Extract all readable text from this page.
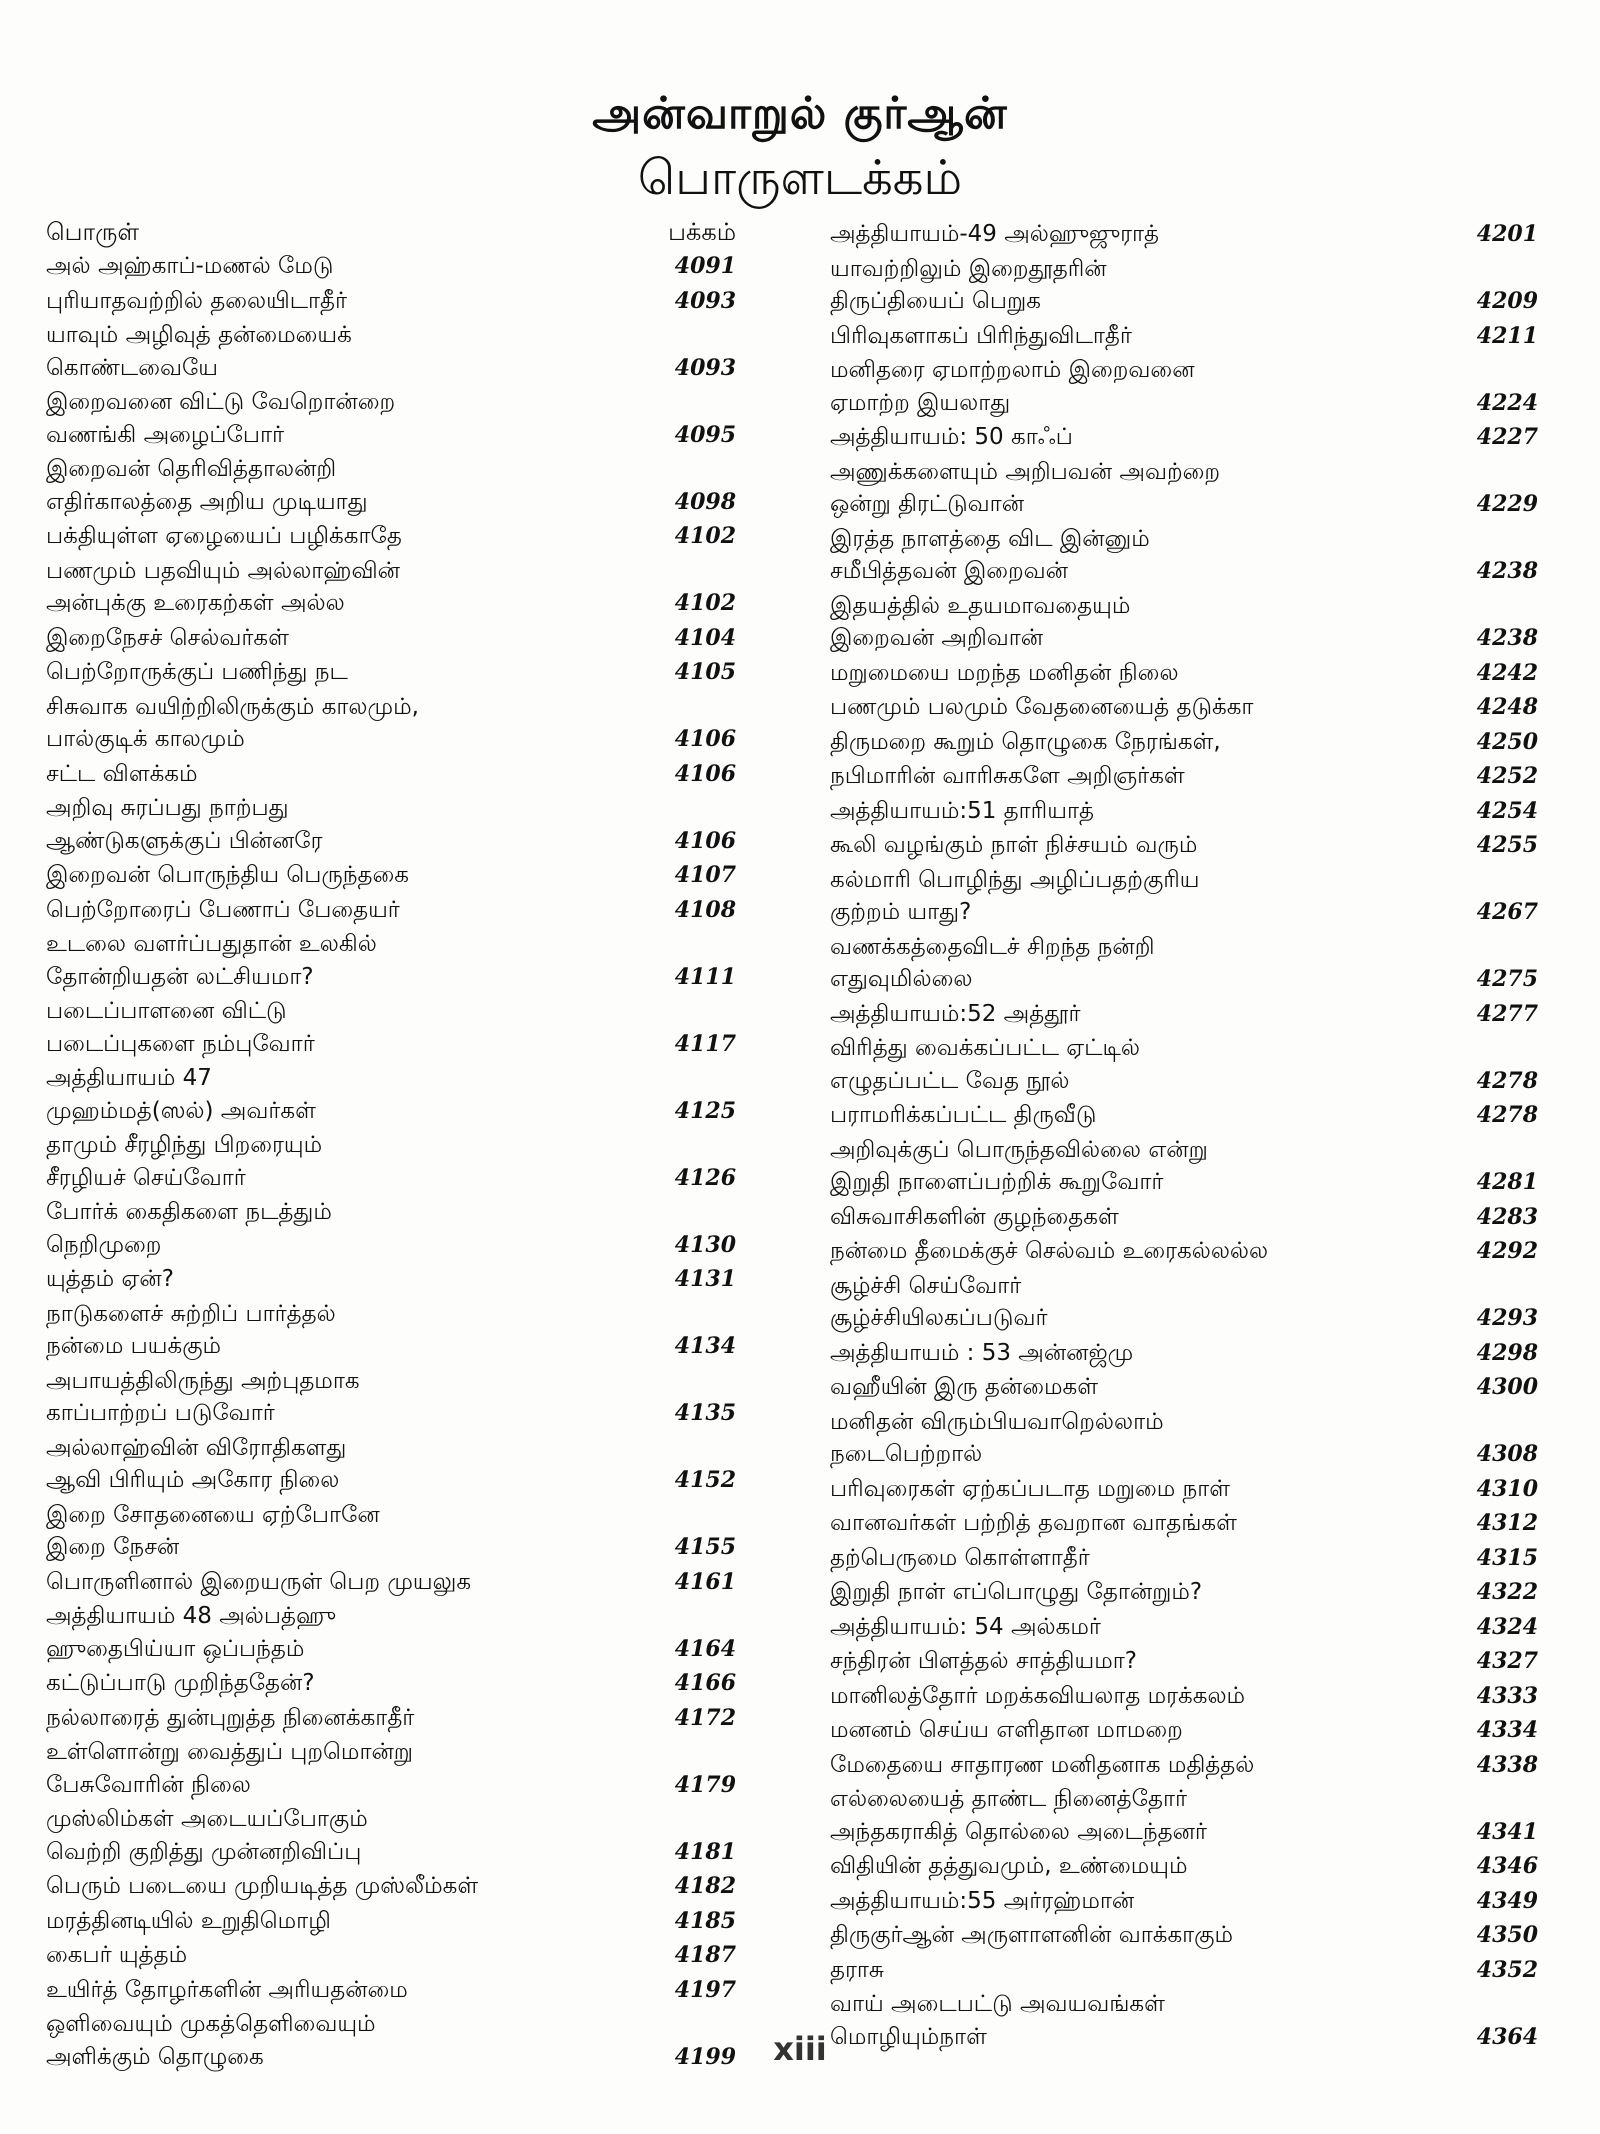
அன்வாறுல் குர்ஆன்
பொருளடக்கம்
பொருள்	பக்கம்
அல் அஹ்காப்-மணல் மேடு	4091
புரியாதவற்றில் தலையிடாதீர்	4093
யாவும் அழிவுத் தன்மையைக்
கொண்டவையே	4093
இறைவனை விட்டு வேறொன்றை
வணங்கி அழைப்போர்	4095
இறைவன் தெரிவித்தாலன்றி
எதிர்காலத்தை அறிய முடியாது	4098
பக்தியுள்ள ஏழையைப் பழிக்காதே	4102
பணமும் பதவியும் அல்லாஹ்வின்
அன்புக்கு உரைகற்கள் அல்ல	4102
இறைநேசச் செல்வர்கள்	4104
பெற்றோருக்குப் பணிந்து நட	4105
சிசுவாக வயிற்றிலிருக்கும் காலமும்,
பால்குடிக் காலமும்	4106
சட்ட விளக்கம்	4106
அறிவு சுரப்பது நாற்பது
ஆண்டுகளுக்குப் பின்னரே	4106
இறைவன் பொருந்திய பெருந்தகை	4107
பெற்றோரைப் பேணாப் பேதையர்	4108
உடலை வளர்ப்பதுதான் உலகில்
தோன்றியதன் லட்சியமா?	4111
படைப்பாளனை விட்டு
படைப்புகளை நம்புவோர்	4117
அத்தியாயம் 47
முஹம்மத்(ஸல்) அவர்கள்	4125
தாமும் சீரழிந்து பிறரையும்
சீரழியச் செய்வோர்	4126
போர்க் கைதிகளை நடத்தும்
நெறிமுறை	4130
யுத்தம் ஏன்?	4131
நாடுகளைச் சுற்றிப் பார்த்தல்
நன்மை பயக்கும்	4134
அபாயத்திலிருந்து அற்புதமாக
காப்பாற்றப் படுவோர்	4135
அல்லாஹ்வின் விரோதிகளது
ஆவி பிரியும் அகோர நிலை	4152
இறை சோதனையை ஏற்போனே
இறை நேசன்	4155
பொருளினால் இறையருள் பெற முயலுக	4161
அத்தியாயம் 48 அல்பத்ஹு
ஹுதைபிய்யா ஒப்பந்தம்	4164
கட்டுப்பாடு முறிந்ததேன்?	4166
நல்லாரைத் துன்புறுத்த நினைக்காதீர்	4172
உள்ளொன்று வைத்துப் புறமொன்று
பேசுவோரின் நிலை	4179
முஸ்லிம்கள் அடையப்போகும்
வெற்றி குறித்து முன்னறிவிப்பு	4181
பெரும் படையை முறியடித்த முஸ்லீம்கள்	4182
மரத்தினடியில் உறுதிமொழி	4185
கைபர் யுத்தம்	4187
உயிர்த் தோழர்களின் அரியதன்மை	4197
ஒளிவையும் முகத்தெளிவையும்
அளிக்கும் தொழுகை	4199
அத்தியாயம்-49 அல்ஹுஜுராத்	4201
யாவற்றிலும் இறைதூதரின்
திருப்தியைப் பெறுக	4209
பிரிவுகளாகப் பிரிந்துவிடாதீர்	4211
மனிதரை ஏமாற்றலாம் இறைவனை
ஏமாற்ற இயலாது	4224
அத்தியாயம்: 50 காஃப்	4227
அணுக்களையும் அறிபவன் அவற்றை
ஒன்று திரட்டுவான்	4229
இரத்த நாளத்தை விட இன்னும்
சமீபித்தவன் இறைவன்	4238
இதயத்தில் உதயமாவதையும்
இறைவன் அறிவான்	4238
மறுமையை மறந்த மனிதன் நிலை	4242
பணமும் பலமும் வேதனையைத் தடுக்கா	4248
திருமறை கூறும் தொழுகை நேரங்கள்,	4250
நபிமாரின் வாரிசுகளே அறிஞர்கள்	4252
அத்தியாயம்:51 தாரியாத்	4254
கூலி வழங்கும் நாள் நிச்சயம் வரும்	4255
கல்மாரி பொழிந்து அழிப்பதற்குரிய
குற்றம் யாது?	4267
வணக்கத்தைவிடச் சிறந்த நன்றி
எதுவுமில்லை	4275
அத்தியாயம்:52 அத்தூர்	4277
விரித்து வைக்கப்பட்ட ஏட்டில்
எழுதப்பட்ட வேத நூல்	4278
பராமரிக்கப்பட்ட திருவீடு	4278
அறிவுக்குப் பொருந்தவில்லை என்று
இறுதி நாளைப்பற்றிக் கூறுவோர்	4281
விசுவாசிகளின் குழந்தைகள்	4283
நன்மை தீமைக்குச் செல்வம் உரைகல்லல்ல	4292
சூழ்ச்சி செய்வோர்
சூழ்ச்சியிலகப்படுவர்	4293
அத்தியாயம் : 53 அன்னஜ்மு	4298
வஹீயின் இரு தன்மைகள்	4300
மனிதன் விரும்பியவாறெல்லாம்
நடைபெற்றால்	4308
பரிவுரைகள் ஏற்கப்படாத மறுமை நாள்	4310
வானவர்கள் பற்றித் தவறான வாதங்கள்	4312
தற்பெருமை கொள்ளாதீர்	4315
இறுதி நாள் எப்பொழுது தோன்றும்?	4322
அத்தியாயம்: 54 அல்கமர்	4324
சந்திரன் பிளத்தல் சாத்தியமா?	4327
மானிலத்தோர் மறக்கவியலாத மரக்கலம்	4333
மனனம் செய்ய எளிதான மாமறை	4334
மேதையை சாதாரண மனிதனாக மதித்தல்	4338
எல்லையைத் தாண்ட நினைத்தோர்
அந்தகராகித் தொல்லை அடைந்தனர்	4341
விதியின் தத்துவமும், உண்மையும்	4346
அத்தியாயம்:55 அர்ரஹ்மான்	4349
திருகுர்ஆன் அருளாளனின் வாக்காகும்	4350
தராசு	4352
வாய் அடைபட்டு அவயவங்கள்
மொழியும்நாள்	4364
xiii
